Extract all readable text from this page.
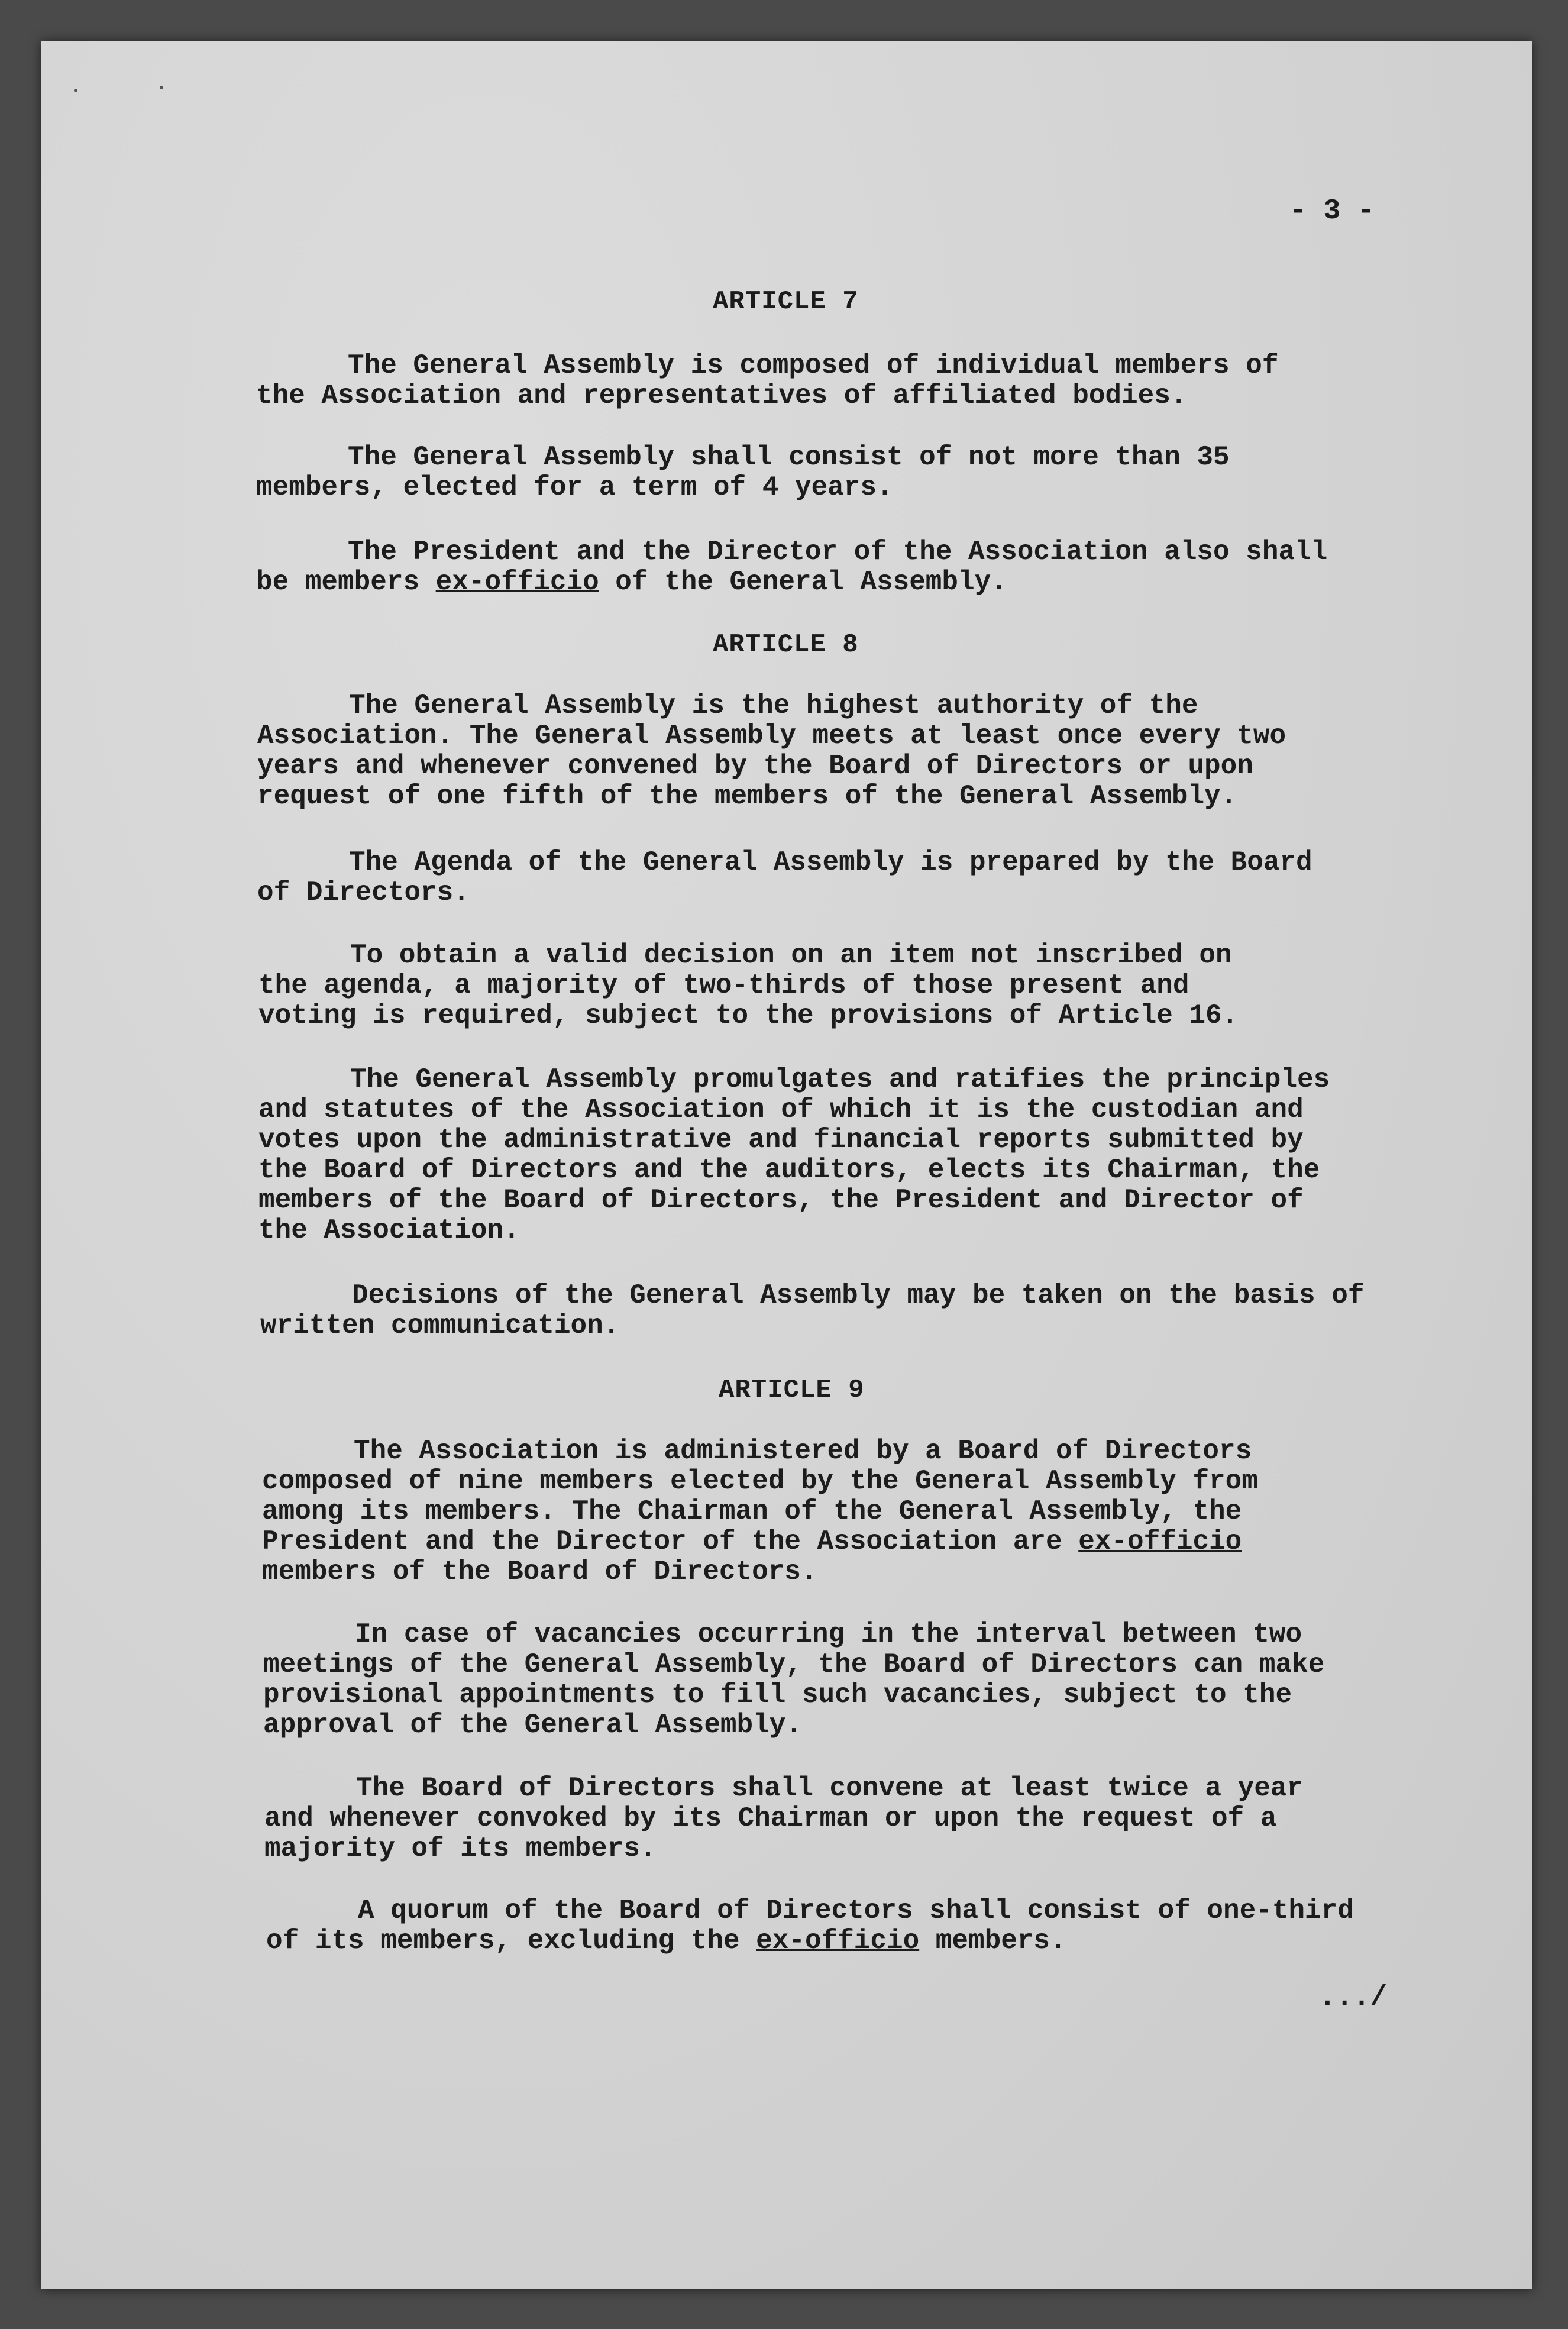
- 3 -
ARTICLE 7
The General Assembly is composed of individual members of
the Association and representatives of affiliated bodies.
The General Assembly shall consist of not more than 35
members, elected for a term of 4 years.
The President and the Director of the Association also shall
be members ex-officio of the General Assembly.
ARTICLE 8
The General Assembly is the highest authority of the
Association. The General Assembly meets at least once every two
years and whenever convened by the Board of Directors or upon
request of one fifth of the members of the General Assembly.
The Agenda of the General Assembly is prepared by the Board
of Directors.
To obtain a valid decision on an item not inscribed on
the agenda, a majority of two-thirds of those present and
voting is required, subject to the provisions of Article 16.
The General Assembly promulgates and ratifies the principles
and statutes of the Association of which it is the custodian and
votes upon the administrative and financial reports submitted by
the Board of Directors and the auditors, elects its Chairman, the
members of the Board of Directors, the President and Director of
the Association.
Decisions of the General Assembly may be taken on the basis of
written communication.
ARTICLE 9
The Association is administered by a Board of Directors
composed of nine members elected by the General Assembly from
among its members. The Chairman of the General Assembly, the
President and the Director of the Association are ex-officio
members of the Board of Directors.
In case of vacancies occurring in the interval between two
meetings of the General Assembly, the Board of Directors can make
provisional appointments to fill such vacancies, subject to the
approval of the General Assembly.
The Board of Directors shall convene at least twice a year
and whenever convoked by its Chairman or upon the request of a
majority of its members.
A quorum of the Board of Directors shall consist of one-third
of its members, excluding the ex-officio members.
.../
